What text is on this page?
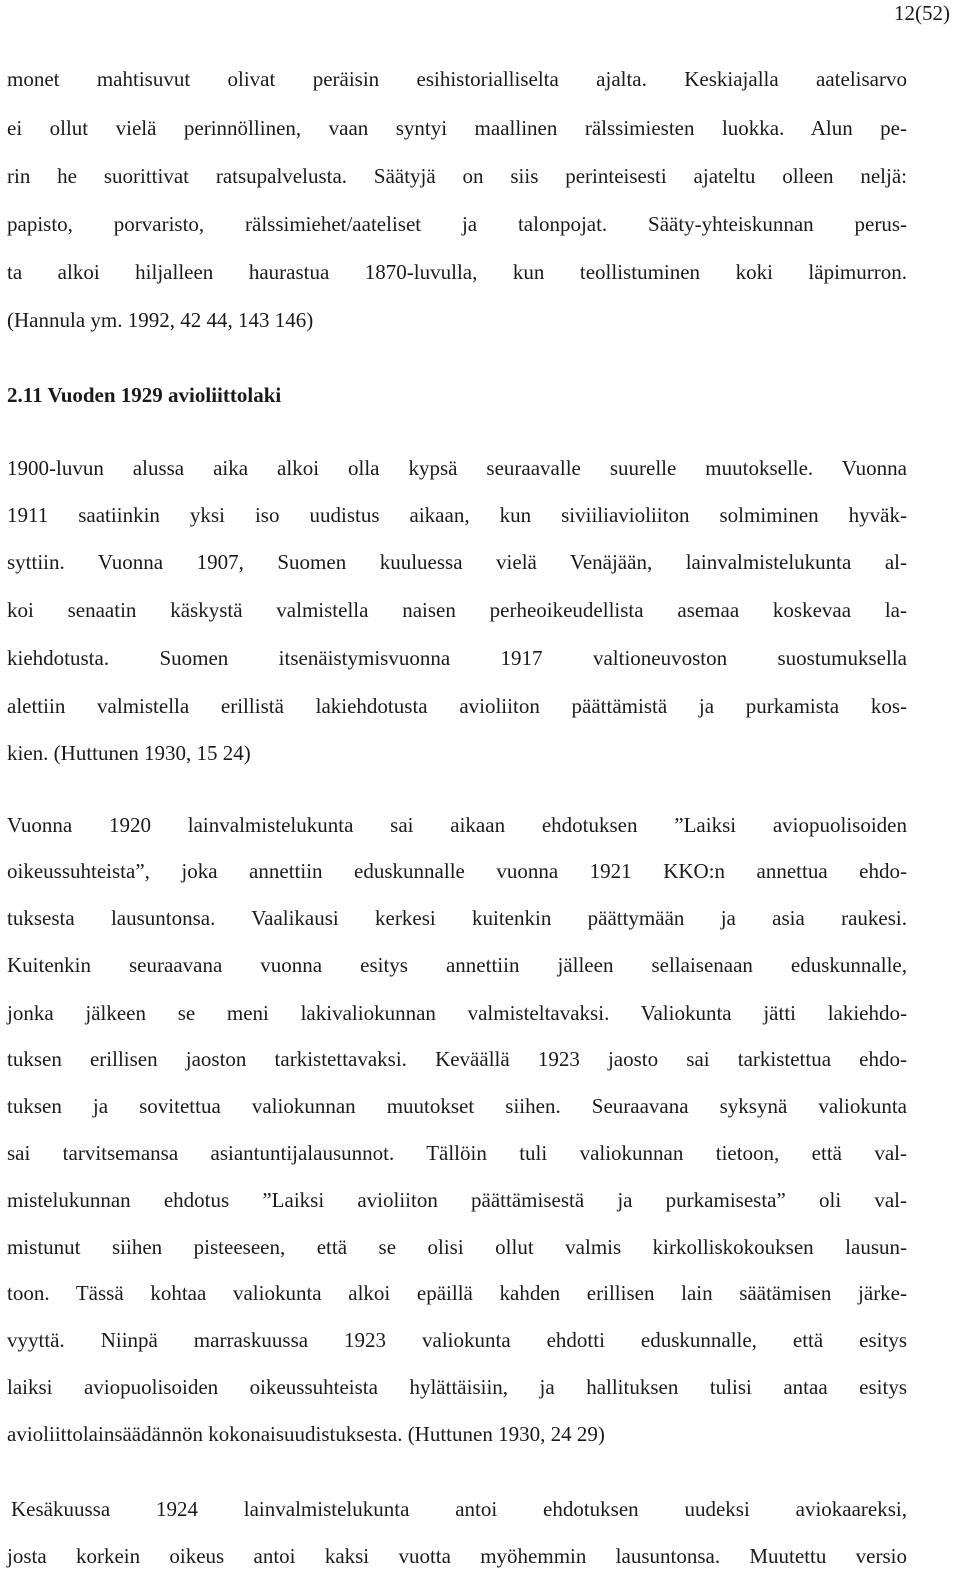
12(52)
monet mahtisuvut olivat peräisin esihistorialliselta ajalta. Keskiajalla aatelisarvo
ei ollut vielä perinnöllinen, vaan syntyi maallinen rälssimiesten luokka. Alun pe-
rin he suorittivat ratsupalvelusta. Säätyjä on siis perinteisesti ajateltu olleen neljä:
papisto, porvaristo, rälssimiehet/aateliset ja talonpojat. Sääty-yhteiskunnan perus-
ta alkoi hiljalleen haurastua 1870-luvulla, kun teollistuminen koki läpimurron.
(Hannula ym. 1992, 42 44, 143 146)
2.11 Vuoden 1929 avioliittolaki
1900-luvun alussa aika alkoi olla kypsä seuraavalle suurelle muutokselle. Vuonna
1911 saatiinkin yksi iso uudistus aikaan, kun siviiliavioliiton solmiminen hyväk-
syttiin. Vuonna 1907, Suomen kuuluessa vielä Venäjään, lainvalmistelukunta al-
koi senaatin käskystä valmistella naisen perheoikeudellista asemaa koskevaa la-
kiehdotusta. Suomen itsenäistymisvuonna 1917 valtioneuvoston suostumuksella
alettiin valmistella erillistä lakiehdotusta avioliiton päättämistä ja purkamista kos-
kien. (Huttunen 1930, 15 24)
Vuonna 1920 lainvalmistelukunta sai aikaan ehdotuksen ”Laiksi aviopuolisoiden
oikeussuhteista”, joka annettiin eduskunnalle vuonna 1921 KKO:n annettua ehdo-
tuksesta lausuntonsa. Vaalikausi kerkesi kuitenkin päättymään ja asia raukesi.
Kuitenkin seuraavana vuonna esitys annettiin jälleen sellaisenaan eduskunnalle,
jonka jälkeen se meni lakivaliokunnan valmisteltavaksi. Valiokunta jätti lakiehdo-
tuksen erillisen jaoston tarkistettavaksi. Keväällä 1923 jaosto sai tarkistettua ehdo-
tuksen ja sovitettua valiokunnan muutokset siihen. Seuraavana syksynä valiokunta
sai tarvitsemansa asiantuntijalausunnot. Tällöin tuli valiokunnan tietoon, että val-
mistelukunnan ehdotus ”Laiksi avioliiton päättämisestä ja purkamisesta” oli val-
mistunut siihen pisteeseen, että se olisi ollut valmis kirkolliskokouksen lausun-
toon. Tässä kohtaa valiokunta alkoi epäillä kahden erillisen lain säätämisen järke-
vyyttä. Niinpä marraskuussa 1923 valiokunta ehdotti eduskunnalle, että esitys
laiksi aviopuolisoiden oikeussuhteista hylättäisiin, ja hallituksen tulisi antaa esitys
avioliittolainsäädännön kokonaisuudistuksesta. (Huttunen 1930, 24 29)
Kesäkuussa 1924 lainvalmistelukunta antoi ehdotuksen uudeksi aviokaareksi,
josta korkein oikeus antoi kaksi vuotta myöhemmin lausuntonsa. Muutettu versio
